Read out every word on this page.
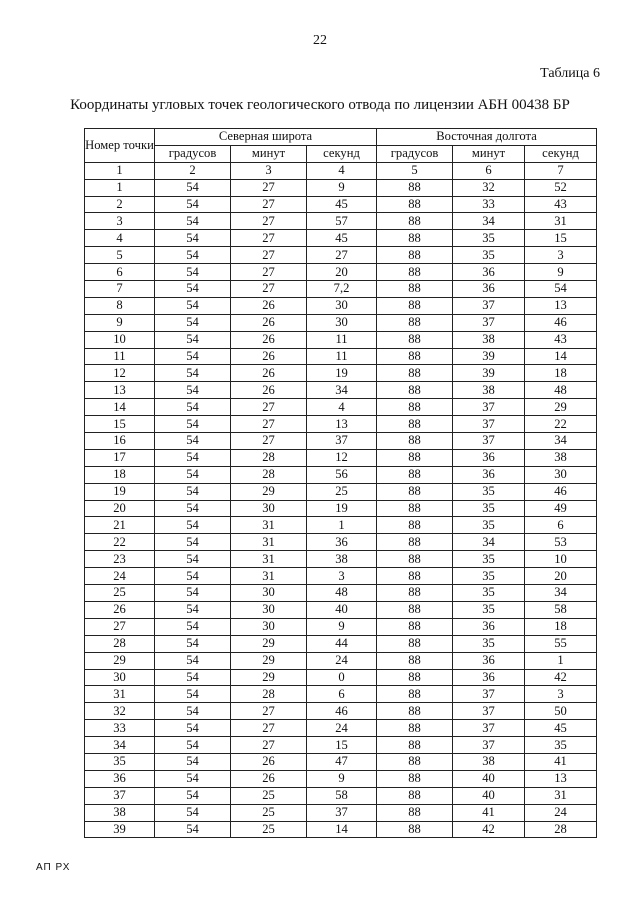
22
Таблица 6
Координаты угловых точек геологического отвода по лицензии АБН 00438 БР
Номер точки	Северная широта			Восточная долгота		
	градусов	минут	секунд	градусов	минут	секунд
1	2	3	4	5	6	7
1	54	27	9	88	32	52
2	54	27	45	88	33	43
3	54	27	57	88	34	31
4	54	27	45	88	35	15
5	54	27	27	88	35	3
6	54	27	20	88	36	9
7	54	27	7,2	88	36	54
8	54	26	30	88	37	13
9	54	26	30	88	37	46
10	54	26	11	88	38	43
11	54	26	11	88	39	14
12	54	26	19	88	39	18
13	54	26	34	88	38	48
14	54	27	4	88	37	29
15	54	27	13	88	37	22
16	54	27	37	88	37	34
17	54	28	12	88	36	38
18	54	28	56	88	36	30
19	54	29	25	88	35	46
20	54	30	19	88	35	49
21	54	31	1	88	35	6
22	54	31	36	88	34	53
23	54	31	38	88	35	10
24	54	31	3	88	35	20
25	54	30	48	88	35	34
26	54	30	40	88	35	58
27	54	30	9	88	36	18
28	54	29	44	88	35	55
29	54	29	24	88	36	1
30	54	29	0	88	36	42
31	54	28	6	88	37	3
32	54	27	46	88	37	50
33	54	27	24	88	37	45
34	54	27	15	88	37	35
35	54	26	47	88	38	41
36	54	26	9	88	40	13
37	54	25	58	88	40	31
38	54	25	37	88	41	24
39	54	25	14	88	42	28
АП РХ
